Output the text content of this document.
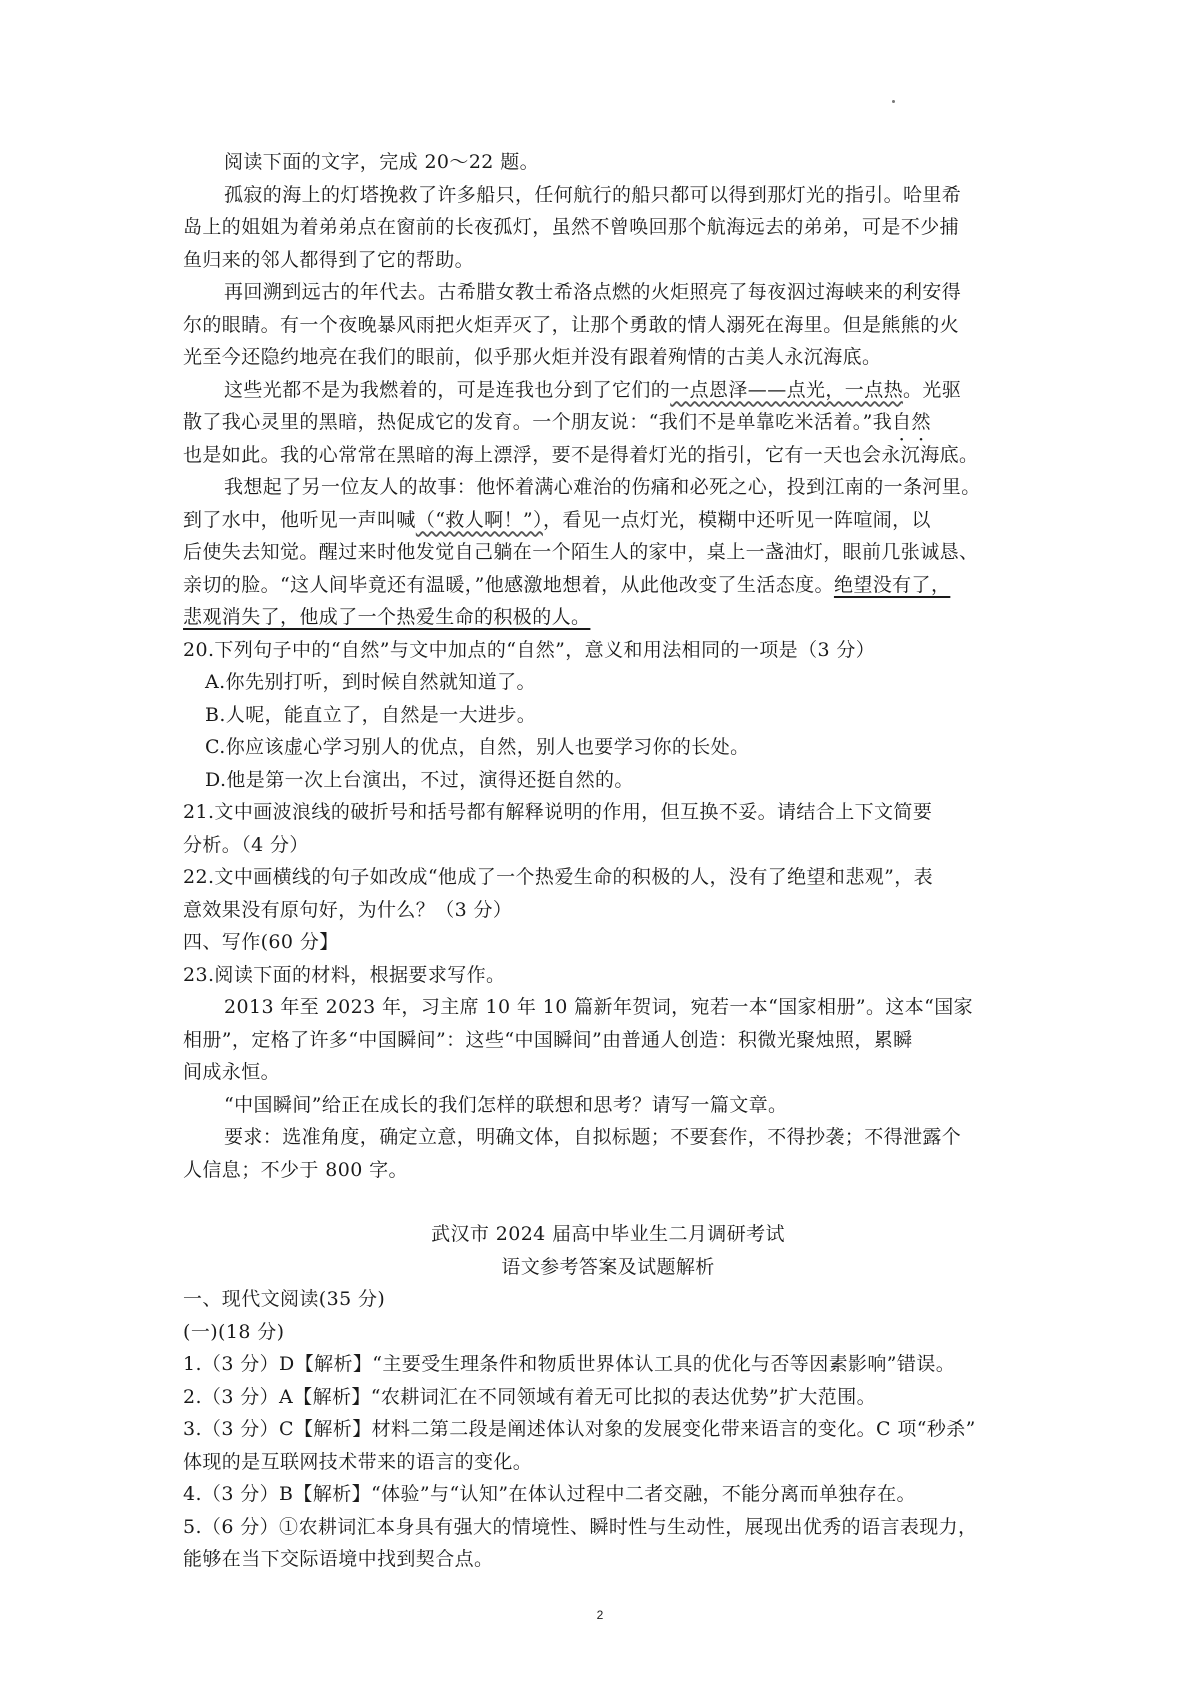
阅读下面的文字，完成 20～22 题。
孤寂的海上的灯塔挽救了许多船只，任何航行的船只都可以得到那灯光的指引。哈里希
岛上的姐姐为着弟弟点在窗前的长夜孤灯，虽然不曾唤回那个航海远去的弟弟，可是不少捕
鱼归来的邻人都得到了它的帮助。
再回溯到远古的年代去。古希腊女教士希洛点燃的火炬照亮了每夜泅过海峡来的利安得
尔的眼睛。有一个夜晚暴风雨把火炬弄灭了，让那个勇敢的情人溺死在海里。但是熊熊的火
光至今还隐约地亮在我们的眼前，似乎那火炬并没有跟着殉情的古美人永沉海底。
这些光都不是为我燃着的，可是连我也分到了它们的一点恩泽——点光，一点热。光驱
散了我心灵里的黑暗，热促成它的发育。一个朋友说：“我们不是单靠吃米活着。”我自然
也是如此。我的心常常在黑暗的海上漂浮，要不是得着灯光的指引，它有一天也会永沉海底。
我想起了另一位友人的故事：他怀着满心难治的伤痛和必死之心，投到江南的一条河里。
到了水中，他听见一声叫喊（“救人啊！”），看见一点灯光，模糊中还听见一阵喧闹，以
后使失去知觉。醒过来时他发觉自己躺在一个陌生人的家中，桌上一盏油灯，眼前几张诚恳、
亲切的脸。“这人间毕竟还有温暖，”他感激地想着，从此他改变了生活态度。绝望没有了，
悲观消失了，他成了一个热爱生命的积极的人。
20.下列句子中的“自然”与文中加点的“自然”，意义和用法相同的一项是（3 分）
A.你先别打听，到时候自然就知道了。
B.人呢，能直立了，自然是一大进步。
C.你应该虚心学习别人的优点，自然，别人也要学习你的长处。
D.他是第一次上台演出，不过，演得还挺自然的。
21.文中画波浪线的破折号和括号都有解释说明的作用，但互换不妥。请结合上下文简要
分析。（4 分）
22.文中画横线的句子如改成“他成了一个热爱生命的积极的人，没有了绝望和悲观”，表
意效果没有原句好，为什么？（3 分）
四、写作(60 分】
23.阅读下面的材料，根据要求写作。
2013 年至 2023 年，习主席 10 年 10 篇新年贺词，宛若一本“国家相册”。这本“国家
相册”，定格了许多“中国瞬间”：这些“中国瞬间”由普通人创造：积微光聚烛照，累瞬
间成永恒。
“中国瞬间”给正在成长的我们怎样的联想和思考？请写一篇文章。
要求：选准角度，确定立意，明确文体，自拟标题；不要套作，不得抄袭；不得泄露个
人信息；不少于 800 字。
武汉市 2024 届高中毕业生二月调研考试
语文参考答案及试题解析
一、现代文阅读(35 分)
(一)(18 分)
1.（3 分）D【解析】“主要受生理条件和物质世界体认工具的优化与否等因素影响”错误。
2.（3 分）A【解析】“农耕词汇在不同领域有着无可比拟的表达优势”扩大范围。
3.（3 分）C【解析】材料二第二段是阐述体认对象的发展变化带来语言的变化。C 项“秒杀”
体现的是互联网技术带来的语言的变化。
4.（3 分）B【解析】“体验”与“认知”在体认过程中二者交融，不能分离而单独存在。
5.（6 分）①农耕词汇本身具有强大的情境性、瞬时性与生动性，展现出优秀的语言表现力，
能够在当下交际语境中找到契合点。
2
